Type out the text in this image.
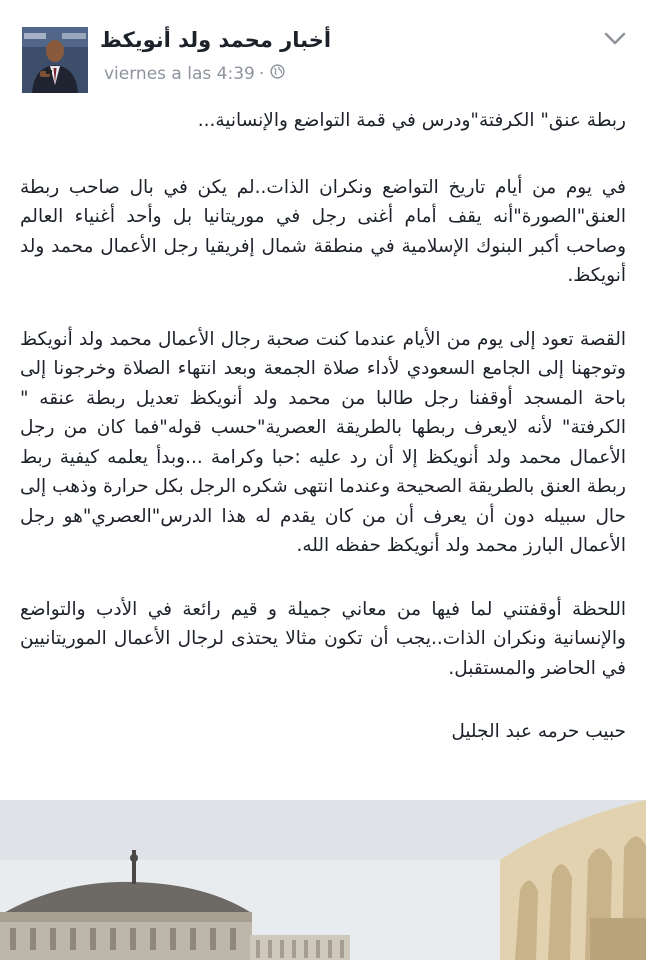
أخبار محمد ولد أنويكظ
viernes a las 4:39 ·

ربطة عنق" الكرفتة"ودرس في قمة التواضع والإنسانية...

في يوم من أيام تاريخ التواضع ونكران الذات..لم يكن في بال صاحب ربطة العنق"الصورة"أنه يقف أمام أغنى رجل في موريتانيا بل وأحد أغنياء العالم وصاحب أكبر البنوك الإسلامية في منطقة شمال إفريقيا رجل الأعمال محمد ولد أنويكظ.

القصة تعود إلى يوم من الأيام عندما كنت صحبة رجال الأعمال محمد ولد أنويكظ وتوجهنا إلى الجامع السعودي لأداء صلاة الجمعة وبعد انتهاء الصلاة وخرجونا إلى باحة المسجد أوقفنا رجل طالبا من محمد ولد أنويكظ تعديل ربطة عنقه " الكرفتة" لأنه لايعرف ربطها بالطريقة العصرية"حسب قوله"فما كان من رجل الأعمال محمد ولد أنويكظ إلا أن رد عليه :حبا وكرامة ...وبدأ يعلمه كيفية ربط ربطة العنق بالطريقة الصحيحة وعندما انتهى شكره الرجل بكل حرارة وذهب إلى حال سبيله دون أن يعرف أن من كان يقدم له هذا الدرس"العصري"هو رجل الأعمال البارز محمد ولد أنويكظ حفظه الله.

اللحظة أوقفتني لما فيها من معاني جميلة و قيم رائعة في الأدب والتواضع والإنسانية ونكران الذات..يجب أن تكون مثالا يحتذى لرجال الأعمال الموريتانيين في الحاضر والمستقبل.

حبيب حرمه عبد الجليل
